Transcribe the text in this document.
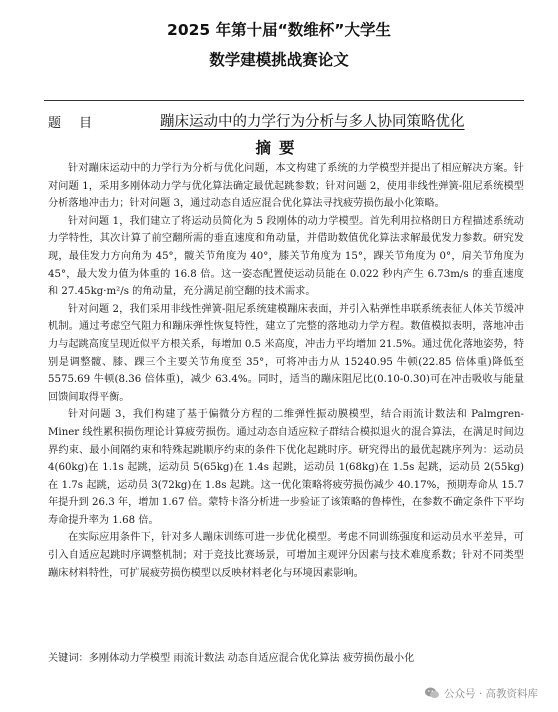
2025 年第十届“数维杯”大学生
数学建模挑战赛论文
题目	蹦床运动中的力学行为分析与多人协同策略优化
摘要

针对蹦床运动中的力学行为分析与优化问题，本文构建了系统的力学模型并提出了相应解决方案。针对问题 1，采用多刚体动力学与优化算法确定最优起跳参数；针对问题 2，使用非线性弹簧-阻尼系统模型分析落地冲击力；针对问题 3，通过动态自适应混合优化算法寻找疲劳损伤最小化策略。

针对问题 1，我们建立了将运动员简化为 5 段刚体的动力学模型。首先利用拉格朗日方程描述系统动力学特性，其次计算了前空翻所需的垂直速度和角动量，并借助数值优化算法求解最优发力参数。研究发现，最佳发力方向角为 45°，髋关节角度为 40°，膝关节角度为 15°，踝关节角度为 0°，肩关节角度为 45°，最大发力值为体重的 16.8 倍。这一姿态配置使运动员能在 0.022 秒内产生 6.73m/s 的垂直速度和 27.45kg·m²/s 的角动量，充分满足前空翻的技术需求。

针对问题 2，我们采用非线性弹簧-阻尼系统建模蹦床表面，并引入粘弹性串联系统表征人体关节缓冲机制。通过考虑空气阻力和蹦床弹性恢复特性，建立了完整的落地动力学方程。数值模拟表明，落地冲击力与起跳高度呈现近似平方根关系，每增加 0.5 米高度，冲击力平均增加 21.5%。通过优化落地姿势，特别是调整髋、膝、踝三个主要关节角度至 35°，可将冲击力从 15240.95 牛顿(22.85 倍体重)降低至 5575.69 牛顿(8.36 倍体重)，减少 63.4%。同时，适当的蹦床阻尼比(0.10-0.30)可在冲击吸收与能量回馈间取得平衡。

针对问题 3，我们构建了基于偏微分方程的二维弹性振动膜模型，结合雨流计数法和 Palmgren-Miner 线性累积损伤理论计算疲劳损伤。通过动态自适应粒子群结合模拟退火的混合算法，在满足时间边界约束、最小间隔约束和特殊起跳顺序约束的条件下优化起跳时序。研究得出的最优起跳序列为：运动员 4(60kg)在 1.1s 起跳，运动员 5(65kg)在 1.4s 起跳，运动员 1(68kg)在 1.5s 起跳，运动员 2(55kg)在 1.7s 起跳，运动员 3(72kg)在 1.8s 起跳。这一优化策略将疲劳损伤减少 40.17%，预期寿命从 15.7 年提升到 26.3 年，增加 1.67 倍。蒙特卡洛分析进一步验证了该策略的鲁棒性，在参数不确定条件下平均寿命提升率为 1.68 倍。

在实际应用条件下，针对多人蹦床训练可进一步优化模型。考虑不同训练强度和运动员水平差异，可引入自适应起跳时序调整机制；对于竞技比赛场景，可增加主观评分因素与技术难度系数；针对不同类型蹦床材料特性，可扩展疲劳损伤模型以反映材料老化与环境因素影响。

关键词：多刚体动力学模型 雨流计数法 动态自适应混合优化算法 疲劳损伤最小化
公众号 · 高教资料库
